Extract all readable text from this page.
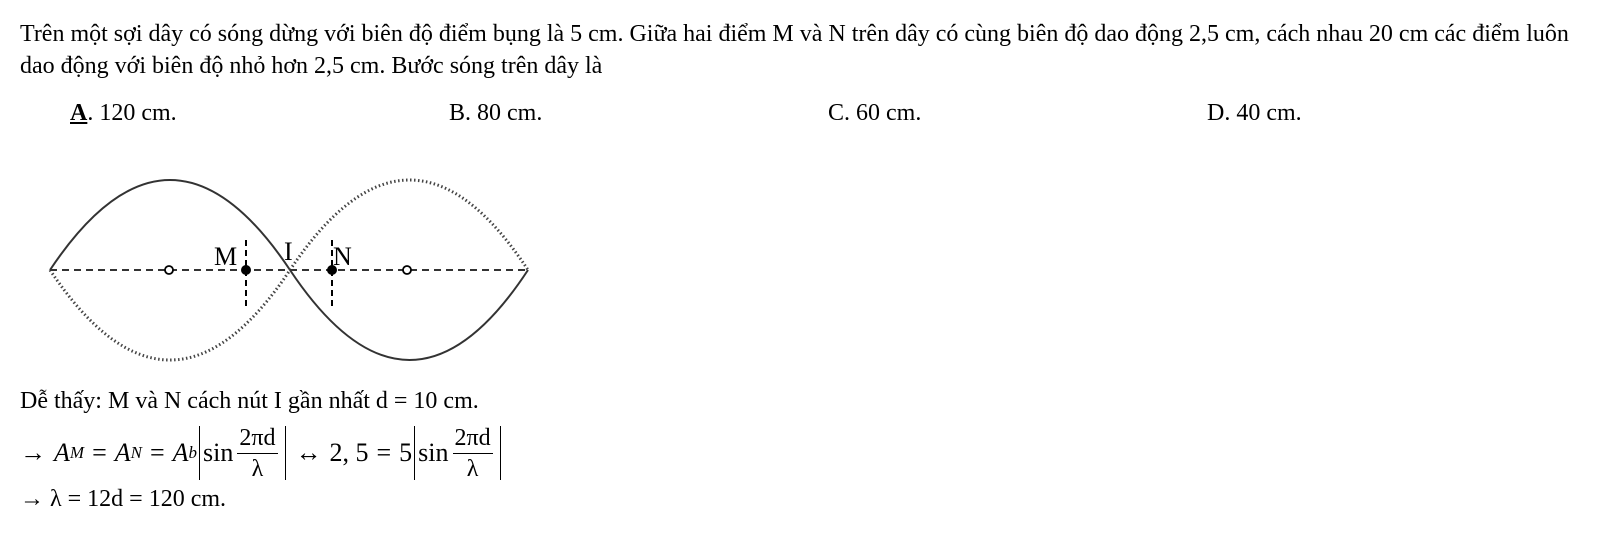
Trên một sợi dây có sóng dừng với biên độ điểm bụng là 5 cm. Giữa hai điểm M và N trên dây có cùng biên độ dao động 2,5 cm, cách nhau 20 cm các điểm luôn dao động với biên độ nhỏ hơn 2,5 cm. Bước sóng trên dây là
A. 120 cm.	B. 80 cm.	C. 60 cm.	D. 40 cm.
M I N
Dễ thấy: M và N cách nút I gần nhất d = 10 cm.
→ A M = A N = A b $\sin \frac{2\pi d}{\lambda}$ ↔ 2, 5 = 5 $\sin \frac{2\pi d}{\lambda}$
→ λ = 12d = 120 cm.
